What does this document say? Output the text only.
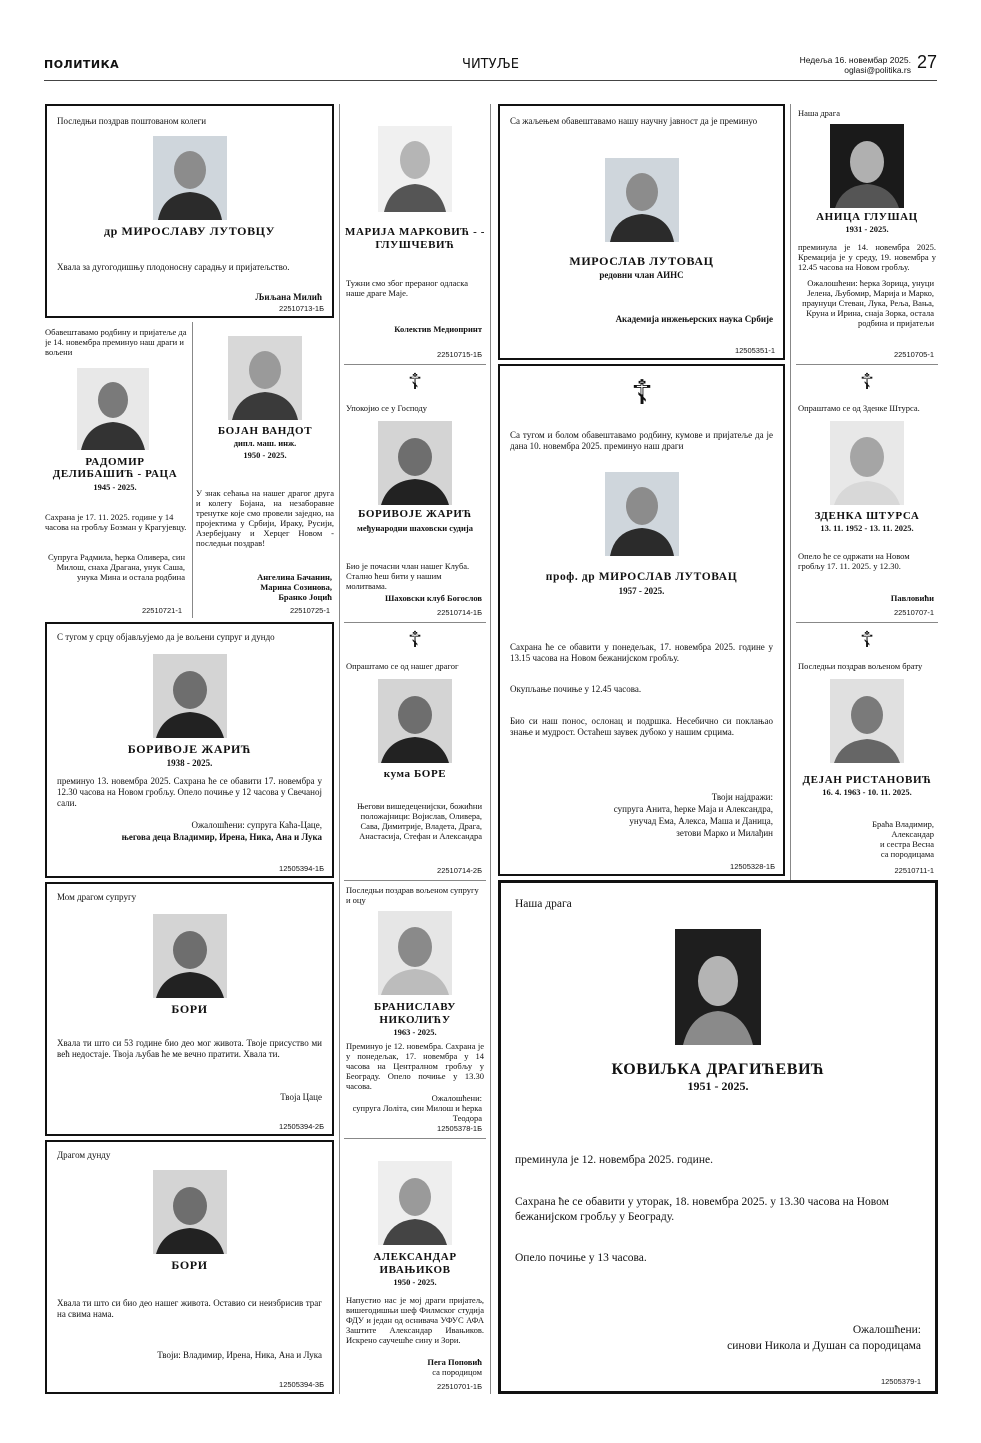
ПОЛИТИКА	ЧИТУЉЕ	Недеља 16. новембар 2025.
oglasi@politika.rs 27
Последњи поздрав поштованом колеги
др МИРОСЛАВУ ЛУТОВЦУ
Хвала за дугогодишњу плодоносну сарадњу и пријатељство.
Љиљана Милић
22510713-1Б
Обавештавамо родбину и пријатеље да је 14. новембра преминуо наш драги и вољени
РАДОМИР ДЕЛИБАШИЋ - РАЦА
1945 - 2025.
Сахрана је 17. 11. 2025. године у 14 часова на гробљу Бозман у Крагујевцу.
Супруга Радмила, ћерка Оливера, син Милош, снаха Драгана, унук Саша, унука Мина и остала родбина
22510721-1
БОЈАН ВАНДОТ
дипл. маш. инж.
1950 - 2025.
У знак сећања на нашег драгог друга и колегу Бојана, на незаборавне тренутке које смо провели заједно, на пројектима у Србији, Ираку, Русији, Азербејџану и Херцег Новом - последњи поздрав!
Ангелина Бачанин,
Марина Созинова,
Бранко Јоцић
22510725-1
С тугом у срцу објављујемо да је вољени супруг и дундо
БОРИВОЈЕ ЖАРИЋ
1938 - 2025.
преминуо 13. новембра 2025. Сахрана ће се обавити 17. новембра у 12.30 часова на Новом гробљу. Опело почиње у 12 часова у Свечаној сали.
Ожалошћени: супруга Каћа-Цаце,
његова деца Владимир, Ирена, Ника, Ана и Лука
12505394-1Б
Мом драгом супругу
БОРИ
Хвала ти што си 53 године био део мог живота. Твоје присуство ми већ недостаје. Твоја љубав ће ме вечно пратити. Хвала ти.
Твоја Цаце
12505394-2Б
Драгом дунду
БОРИ
Хвала ти што си био део нашег живота. Оставио си неизбрисив траг на свима нама.
Твоји: Владимир, Ирена, Ника, Ана и Лука
12505394-3Б
МАРИЈА МАРКОВИЋ - - ГЛУШЧЕВИЋ
Тужни смо због прераног одласка наше драге Маје.
Колектив Медиопринт
22510715-1Б
☦
Упокојио се у Господу
БОРИВОЈЕ ЖАРИЋ
међународни шаховски судија
Био је почасни члан нашег Клуба. Стално ћеш бити у нашим молитвама.
Шаховски клуб Богослов
22510714-1Б
☦
Опраштамо се од нашег драгог
кума БОРЕ
Његови вишедеценијски, божићни положајници: Војислав, Оливера, Сава, Димитрије, Владета, Драга, Анастасија, Стефан и Александра
22510714-2Б
Последњи поздрав вољеном супругу и оцу
БРАНИСЛАВУ НИКОЛИЋУ
1963 - 2025.
Преминуо је 12. новембра. Сахрана је у понедељак, 17. новембра у 14 часова на Централном гробљу у Београду. Опело почиње у 13.30 часова.
Ожалошћени:
супруга Лоліта, син Милош и ћерка Теодора
12505378-1Б
АЛЕКСАНДАР ИВАЊИКОВ
1950 - 2025.
Напустио нас је мој драги пријатељ, вишегодишњи шеф Филмског студија ФДУ и један од оснивача УФУС АФА Заштите Александар Ивањиков. Искрено саучешће сину и Зори.
Пега Поповић
са породицом
22510701-1Б
Са жаљењем обавештавамо нашу научну јавност да је преминуо
МИРОСЛАВ ЛУТОВАЦ
редовни члан АИНС
Академија инжењерских наука Србије
12505351-1
☦
Са тугом и болом обавештавамо родбину, кумове и пријатеље да је дана 10. новембра 2025. преминуо наш драги
проф. др МИРОСЛАВ ЛУТОВАЦ
1957 - 2025.
Сахрана ће се обавити у понедељак, 17. новембра 2025. године у 13.15 часова на Новом бежанијском гробљу.
Окупљање почиње у 12.45 часова.
Био си наш понос, ослонац и подршка. Несебично си поклањао знање и мудрост. Остаћеш заувек дубоко у нашим срцима.
Твоји најдражи:
супруга Анита, ћерке Маја и Александра,
унучад Ема, Алекса, Маша и Даница,
зетови Марко и Милађин
12505328-1Б
Наша драга
АНИЦА ГЛУШАЦ
1931 - 2025.
преминула је 14. новембра 2025. Кремација је у среду, 19. новембра у 12.45 часова на Новом гробљу.
Ожалошћени: ћерка Зорица, унуци Јелена, Љубомир, Марија и Марко, праунуци Стеван, Лука, Реља, Вања, Круна и Ирина, снаја Зорка, остала родбина и пријатељи
22510705-1
☦
Опраштамо се од Зденке Штурса.
ЗДЕНКА ШТУРСА
13. 11. 1952 - 13. 11. 2025.
Опело ће се одржати на Новом гробљу 17. 11. 2025. у 12.30.
Павловићи
22510707-1
☦
Последњи поздрав вољеном брату
ДЕЈАН РИСТАНОВИЋ
16. 4. 1963 - 10. 11. 2025.
Браћа Владимир,
Александар
и сестра Весна
са породицама
22510711-1
Наша драга
КОВИЉКА ДРАГИЋЕВИЋ
1951 - 2025.
преминула је 12. новембра 2025. године.
Сахрана ће се обавити у уторак, 18. новембра 2025. у 13.30 часова на Новом бежанијском гробљу у Београду.
Опело почиње у 13 часова.
Ожалошћени:
синови Никола и Душан са породицама
12505379-1
